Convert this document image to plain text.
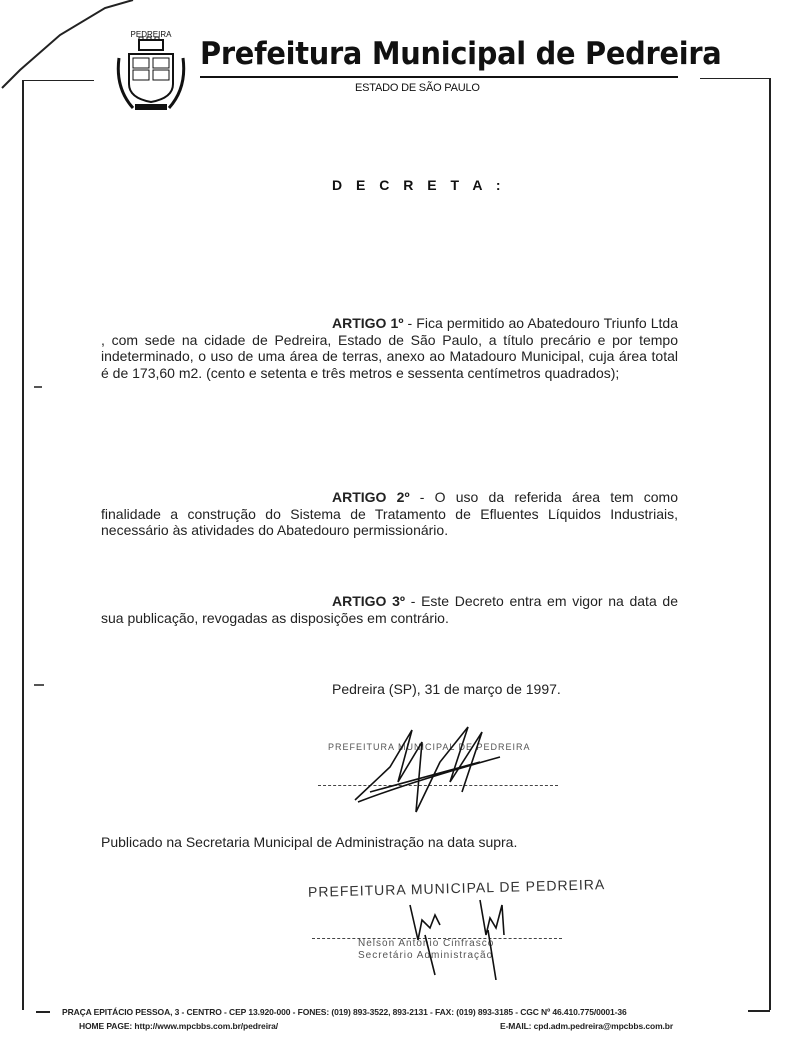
PEDREIRA
Prefeitura Municipal de Pedreira
ESTADO DE SÃO PAULO
D E C R E T A :
ARTIGO 1º - Fica permitido ao Abatedouro Triunfo Ltda , com sede na cidade de Pedreira, Estado de São Paulo, a título precário e por tempo indeterminado, o uso de uma área de terras, anexo ao Matadouro Municipal, cuja área total é de 173,60 m2. (cento e setenta e três metros e sessenta centímetros quadrados);
ARTIGO 2º - O uso da referida área tem como finalidade a construção do Sistema de Tratamento de Efluentes Líquidos Industriais, necessário às atividades do Abatedouro permissionário.
ARTIGO 3º - Este Decreto entra em vigor na data de sua publicação, revogadas as disposições em contrário.
Pedreira (SP), 31 de março de 1997.
PREFEITURA MUNICIPAL DE PEDREIRA
Publicado na Secretaria Municipal de Administração na data supra.
PREFEITURA MUNICIPAL DE PEDREIRA
Nelson Antonio Cinfrasco
Secretário Administração
PRAÇA EPITÁCIO PESSOA, 3 - CENTRO - CEP 13.920-000 - FONES: (019) 893-3522, 893-2131 - FAX: (019) 893-3185 - CGC Nº 46.410.775/0001-36
HOME PAGE: http://www.mpcbbs.com.br/pedreira/	E-MAIL: cpd.adm.pedreira@mpcbbs.com.br
